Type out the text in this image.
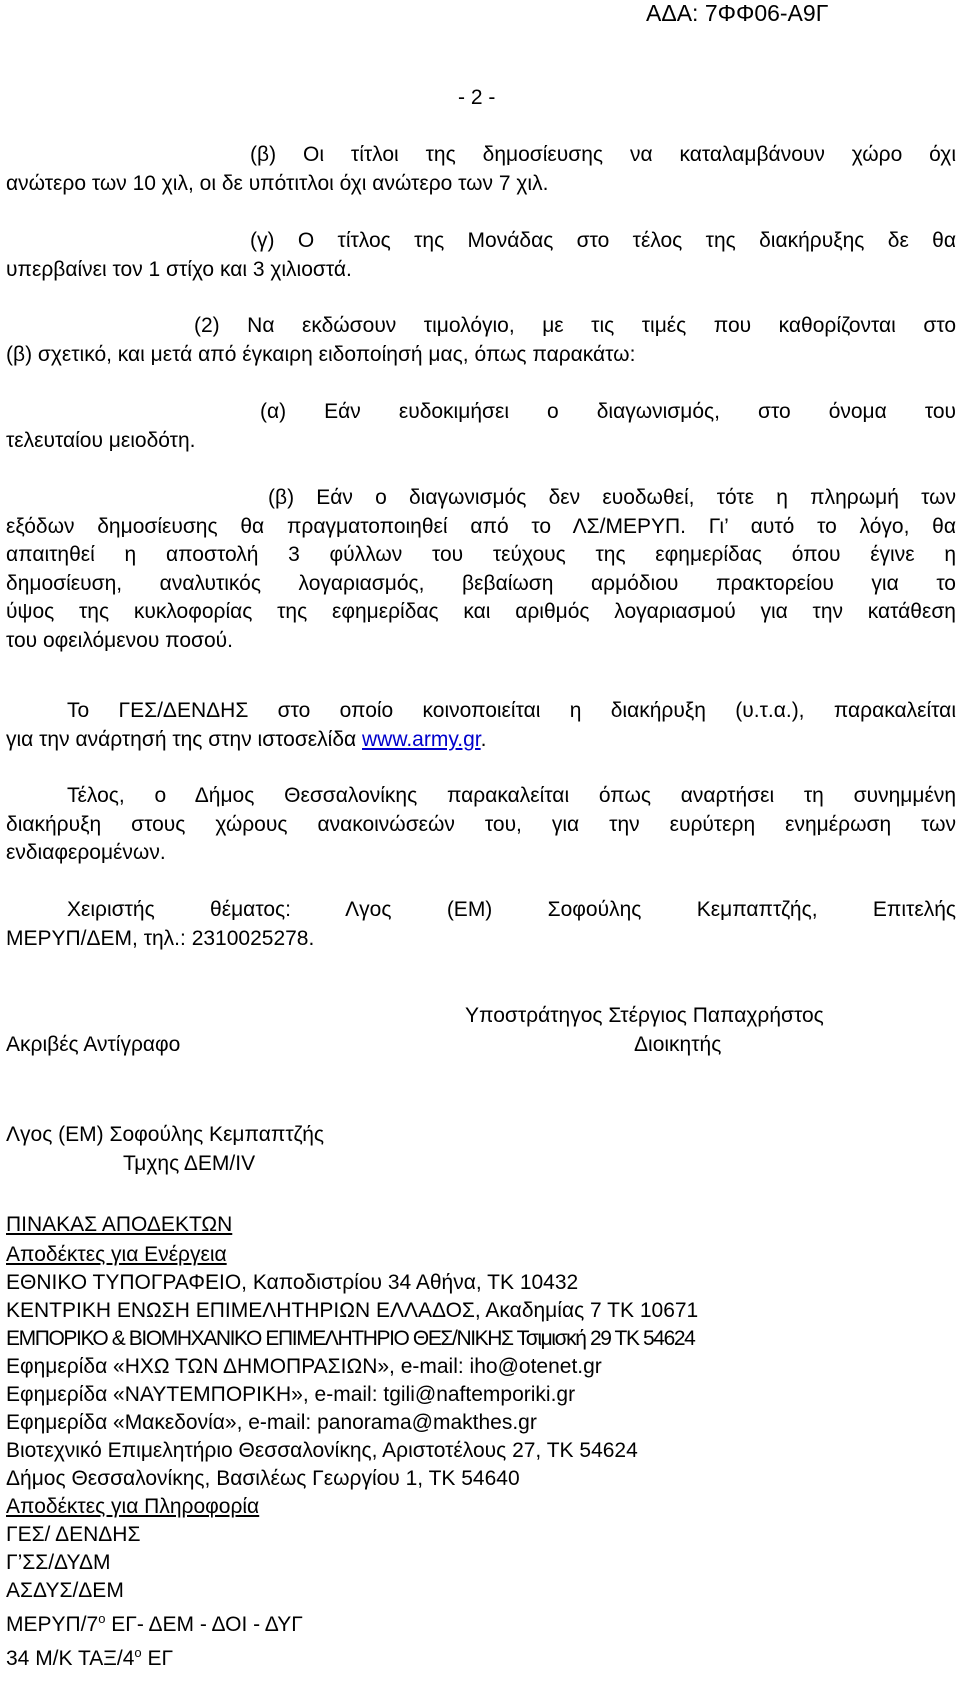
ΑΔΑ: 7ΦΦ06-Α9Γ
- 2 -
(β) Οι τίτλοι της δημοσίευσης να καταλαμβάνουν χώρο όχι
ανώτερο των 10 χιλ, οι δε υπότιτλοι όχι ανώτερο των 7 χιλ.
(γ) Ο τίτλος της Μονάδας στο τέλος της διακήρυξης δε θα
υπερβαίνει τον 1 στίχο και 3 χιλιοστά.
(2) Να εκδώσουν τιμολόγιο, με τις τιμές που καθορίζονται στο
(β) σχετικό, και μετά από έγκαιρη ειδοποίησή μας, όπως παρακάτω:
(α) Εάν ευδοκιμήσει ο διαγωνισμός, στο όνομα του
τελευταίου μειοδότη.
(β) Εάν ο διαγωνισμός δεν ευοδωθεί, τότε η πληρωμή των
εξόδων δημοσίευσης θα πραγματοποιηθεί από το ΛΣ/ΜΕΡΥΠ. Γι’ αυτό το λόγο, θα
απαιτηθεί η αποστολή 3 φύλλων του τεύχους της εφημερίδας όπου έγινε η
δημοσίευση, αναλυτικός λογαριασμός, βεβαίωση αρμόδιου πρακτορείου για το
ύψος της κυκλοφορίας της εφημερίδας και αριθμός λογαριασμού για την κατάθεση
του οφειλόμενου ποσού.
Το ΓΕΣ/ΔΕΝΔΗΣ στο οποίο κοινοποιείται η διακήρυξη (υ.τ.α.), παρακαλείται
για την ανάρτησή της στην ιστοσελίδα www.army.gr.
Τέλος, ο Δήμος Θεσσαλονίκης παρακαλείται όπως αναρτήσει τη συνημμένη
διακήρυξη στους χώρους ανακοινώσεών του, για την ευρύτερη ενημέρωση των
ενδιαφερομένων.
Χειριστής θέματος: Λγος (ΕΜ) Σοφούλης Κεμπαπτζής, Επιτελής
ΜΕΡΥΠ/ΔΕΜ, τηλ.: 2310025278.
Υποστράτηγος Στέργιος Παπαχρήστος
Διοικητής
Ακριβές Αντίγραφο
Λγος (ΕΜ) Σοφούλης Κεμπαπτζής
Τμχης ΔΕΜ/IV
ΠΙΝΑΚΑΣ ΑΠΟΔΕΚΤΩΝ
Αποδέκτες για Ενέργεια
ΕΘΝΙΚΟ ΤΥΠΟΓΡΑΦΕΙΟ, Καποδιστρίου 34 Αθήνα, ΤΚ 10432
ΚΕΝΤΡΙΚΗ ΕΝΩΣΗ ΕΠΙΜΕΛΗΤΗΡΙΩΝ ΕΛΛΑΔΟΣ, Ακαδημίας 7 ΤΚ 10671
ΕΜΠΟΡΙΚΟ & ΒΙΟΜΗΧΑΝΙΚΟ ΕΠΙΜΕΛΗΤΗΡΙΟ ΘΕΣ/ΝΙΚΗΣ Τσιμισκή 29 ΤΚ 54624
Εφημερίδα «ΗΧΩ ΤΩΝ ΔΗΜΟΠΡΑΣΙΩΝ», e-mail: iho@otenet.gr
Εφημερίδα «ΝΑΥΤΕΜΠΟΡΙΚΗ», e-mail: tgili@naftemporiki.gr
Εφημερίδα «Μακεδονία», e-mail: panorama@makthes.gr
Βιοτεχνικό Επιμελητήριο Θεσσαλονίκης, Αριστοτέλους 27, ΤΚ 54624
Δήμος Θεσσαλονίκης, Βασιλέως Γεωργίου 1, ΤΚ 54640
Αποδέκτες για Πληροφορία
ΓΕΣ/ ΔΕΝΔΗΣ
Γ’ΣΣ/ΔΥΔΜ
ΑΣΔΥΣ/ΔΕΜ
ΜΕΡΥΠ/$7^o$ ΕΓ- ΔΕΜ - ΔΟΙ - ΔΥΓ
34 Μ/Κ ΤΑΞ/$4^o$ ΕΓ
